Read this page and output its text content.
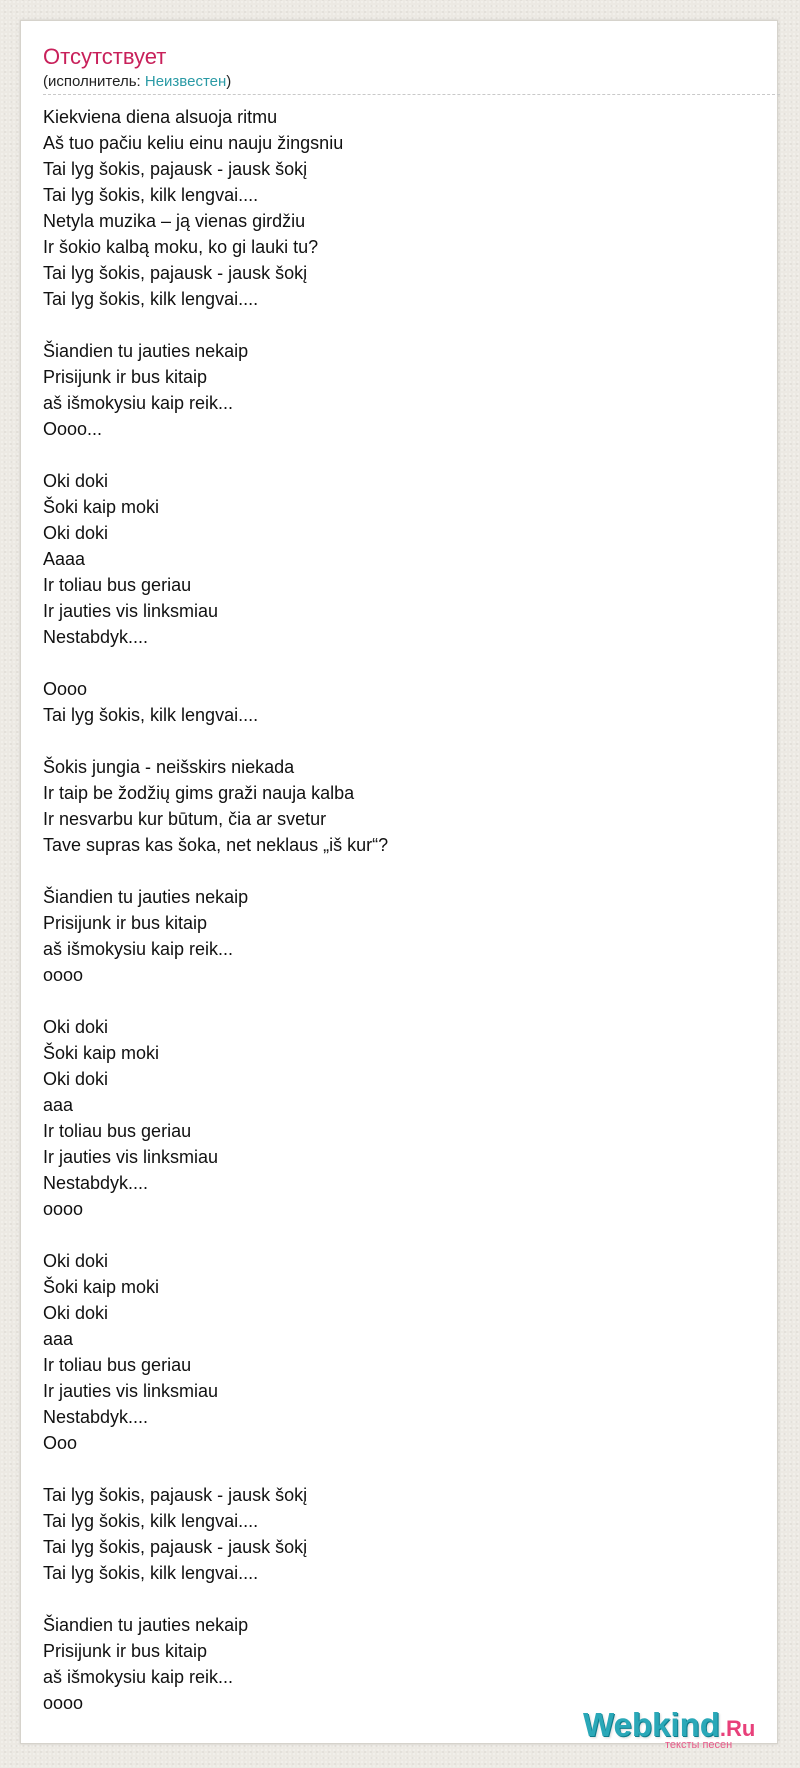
Отсутствует
(исполнитель: Неизвестен)
Kiekviena diena alsuoja ritmu
Aš tuo pačiu keliu einu nauju žingsniu
Tai lyg šokis, pajausk - jausk šokį
Tai lyg šokis, kilk lengvai....
Netyla muzika – ją vienas girdžiu
Ir šokio kalbą moku, ko gi lauki tu?
Tai lyg šokis, pajausk - jausk šokį
Tai lyg šokis, kilk lengvai....
Šiandien tu jauties nekaip
Prisijunk ir bus kitaip
aš išmokysiu kaip reik...
Oooo...
Oki doki
Šoki kaip moki
Oki doki
Aaaa
Ir toliau bus geriau
Ir jauties vis linksmiau
Nestabdyk....
Oooo
Tai lyg šokis, kilk lengvai....
Šokis jungia - neišskirs niekada
Ir taip be žodžių gims graži nauja kalba
Ir nesvarbu kur būtum, čia ar svetur
Tave supras kas šoka, net neklaus „iš kur“?
Šiandien tu jauties nekaip
Prisijunk ir bus kitaip
aš išmokysiu kaip reik...
oooo
Oki doki
Šoki kaip moki
Oki doki
aaa
Ir toliau bus geriau
Ir jauties vis linksmiau
Nestabdyk....
oooo
Oki doki
Šoki kaip moki
Oki doki
aaa
Ir toliau bus geriau
Ir jauties vis linksmiau
Nestabdyk....
Ooo
Tai lyg šokis, pajausk - jausk šokį
Tai lyg šokis, kilk lengvai....
Tai lyg šokis, pajausk - jausk šokį
Tai lyg šokis, kilk lengvai....
Šiandien tu jauties nekaip
Prisijunk ir bus kitaip
aš išmokysiu kaip reik...
oooo
Webkind.Ru
тексты песен
